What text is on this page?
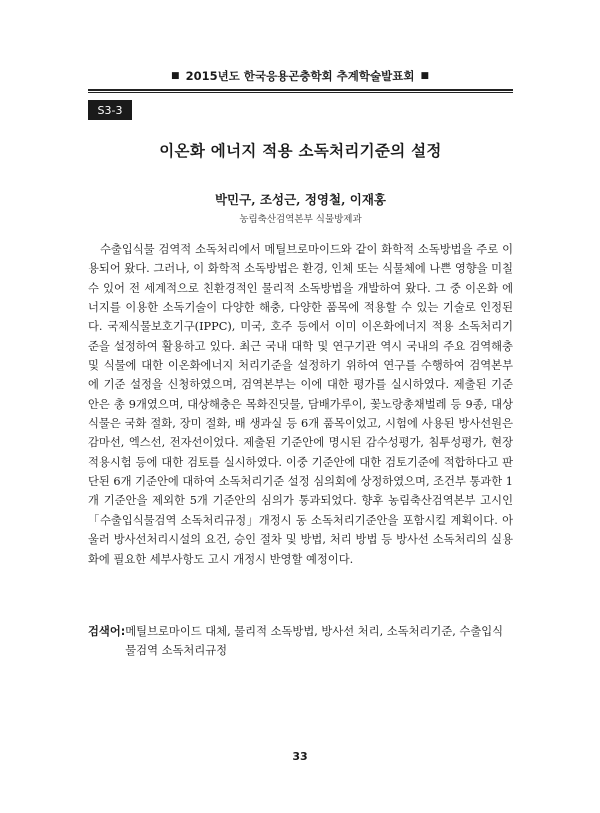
■ 2015년도 한국응용곤충학회 추계학술발표회 ■
S3-3
이온화 에너지 적용 소독처리기준의 설정
박민구, 조성근, 정영철, 이재홍
농림축산검역본부 식물방제과

수출입식물 검역적 소독처리에서 메틸브로마이드와 같이 화학적 소독방법을 주로 이용되어 왔다. 그러나, 이 화학적 소독방법은 환경, 인체 또는 식물체에 나쁜 영향을 미칠 수 있어 전 세계적으로 친환경적인 물리적 소독방법을 개발하여 왔다. 그 중 이온화 에너지를 이용한 소독기술이 다양한 해충, 다양한 품목에 적용할 수 있는 기술로 인정된다. 국제식물보호기구(IPPC), 미국, 호주 등에서 이미 이온화에너지 적용 소독처리기준을 설정하여 활용하고 있다. 최근 국내 대학 및 연구기관 역시 국내의 주요 검역해충 및 식물에 대한 이온화에너지 처리기준을 설정하기 위하여 연구를 수행하여 검역본부에 기준 설정을 신청하였으며, 검역본부는 이에 대한 평가를 실시하였다. 제출된 기준안은 총 9개였으며, 대상해충은 목화진딧물, 담배가루이, 꽃노랑총채벌레 등 9종, 대상식물은 국화 절화, 장미 절화, 배 생과실 등 6개 품목이었고, 시험에 사용된 방사선원은 감마선, 엑스선, 전자선이었다. 제출된 기준안에 명시된 감수성평가, 침투성평가, 현장적용시험 등에 대한 검토를 실시하였다. 이중 기준안에 대한 검토기준에 적합하다고 판단된 6개 기준안에 대하여 소독처리기준 설정 심의회에 상정하였으며, 조건부 통과한 1개 기준안을 제외한 5개 기준안의 심의가 통과되었다. 향후 농림축산검역본부 고시인「수출입식물검역 소독처리규정」개정시 동 소독처리기준안을 포함시킬 계획이다. 아울러 방사선처리시설의 요건, 승인 절차 및 방법, 처리 방법 등 방사선 소독처리의 실용화에 필요한 세부사항도 고시 개정시 반영할 예정이다.

검색어: 메틸브로마이드 대체, 물리적 소독방법, 방사선 처리, 소독처리기준, 수출입식물검역 소독처리규정
33
